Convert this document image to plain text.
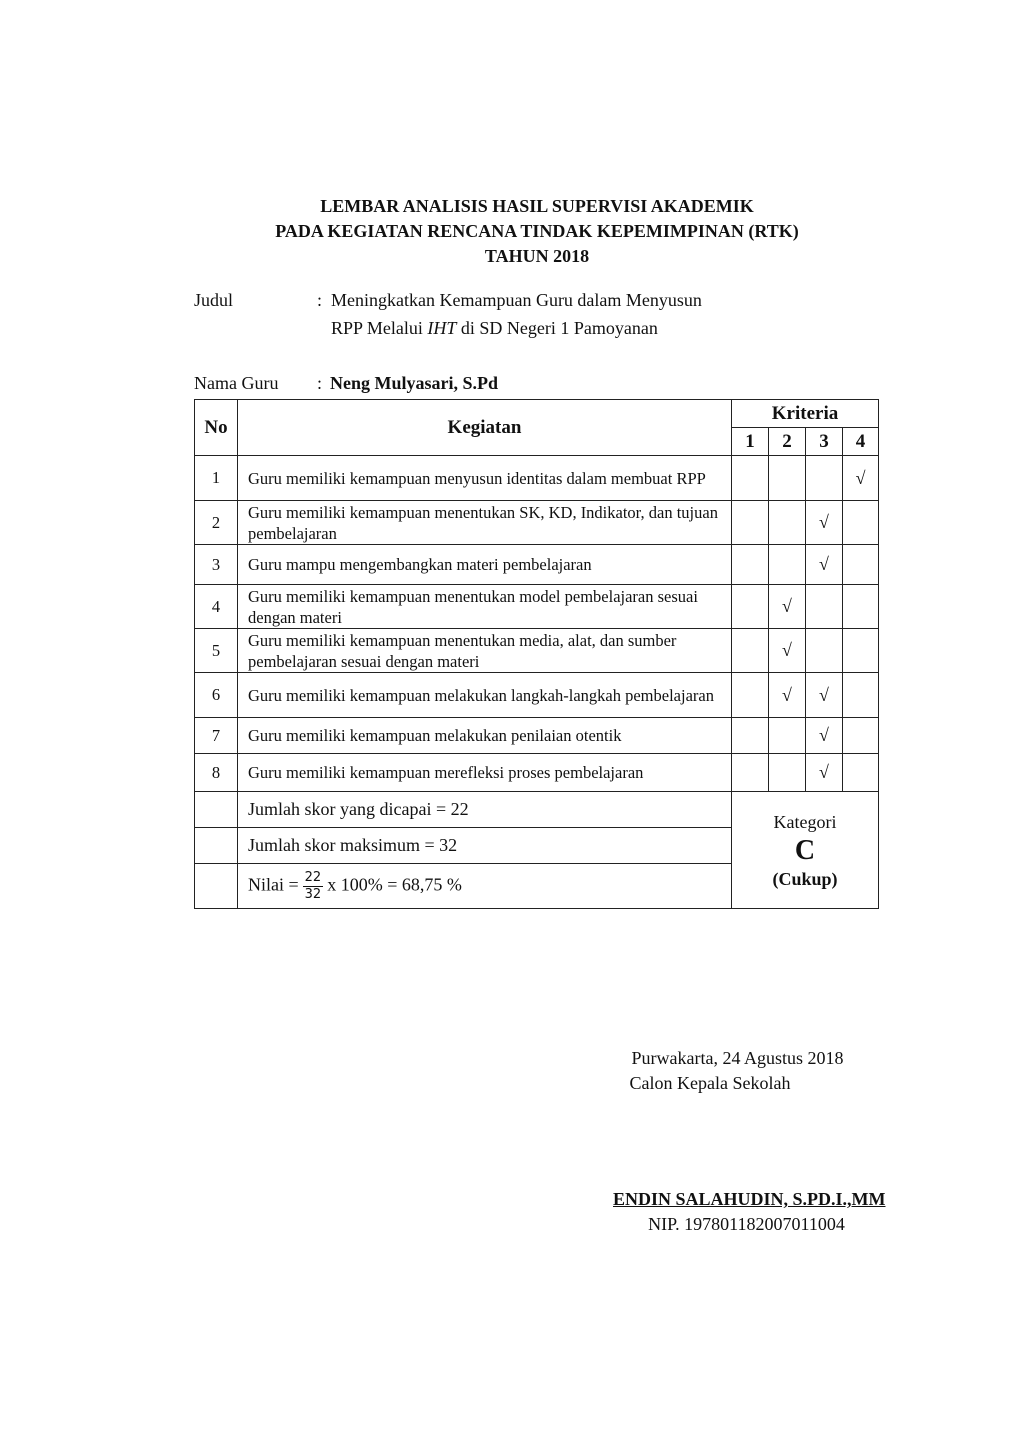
LEMBAR ANALISIS HASIL SUPERVISI AKADEMIK
PADA KEGIATAN RENCANA TINDAK KEPEMIMPINAN (RTK)
TAHUN 2018
Judul	: Meningkatkan Kemampuan Guru dalam Menyusun
RPP Melalui IHT di SD Negeri 1 Pamoyanan
Nama Guru : Neng Mulyasari, S.Pd
No	Kegiatan	Kriteria			
		1	2	3	4
1	Guru memiliki kemampuan menyusun identitas dalam membuat RPP				√
2	Guru memiliki kemampuan menentukan SK, KD, Indikator, dan tujuan pembelajaran			√	
3	Guru mampu mengembangkan materi pembelajaran			√	
4	Guru memiliki kemampuan menentukan model pembelajaran sesuai dengan materi		√		
5	Guru memiliki kemampuan menentukan media, alat, dan sumber pembelajaran sesuai dengan materi		√		
6	Guru memiliki kemampuan melakukan langkah-langkah pembelajaran		√	√	
7	Guru memiliki kemampuan melakukan penilaian otentik			√	
8	Guru memiliki kemampuan merefleksi proses pembelajaran			√	
	Jumlah skor yang dicapai = 22	Kategori
C
(Cukup)			

	Jumlah skor maksimum = 32				
	Nilai = $\frac{22}{32}$ x 100% = 68,75 %				
Purwakarta, 24 Agustus 2018
Calon Kepala Sekolah
ENDIN SALAHUDIN, S.PD.I.,MM
NIP. 197801182007011004
